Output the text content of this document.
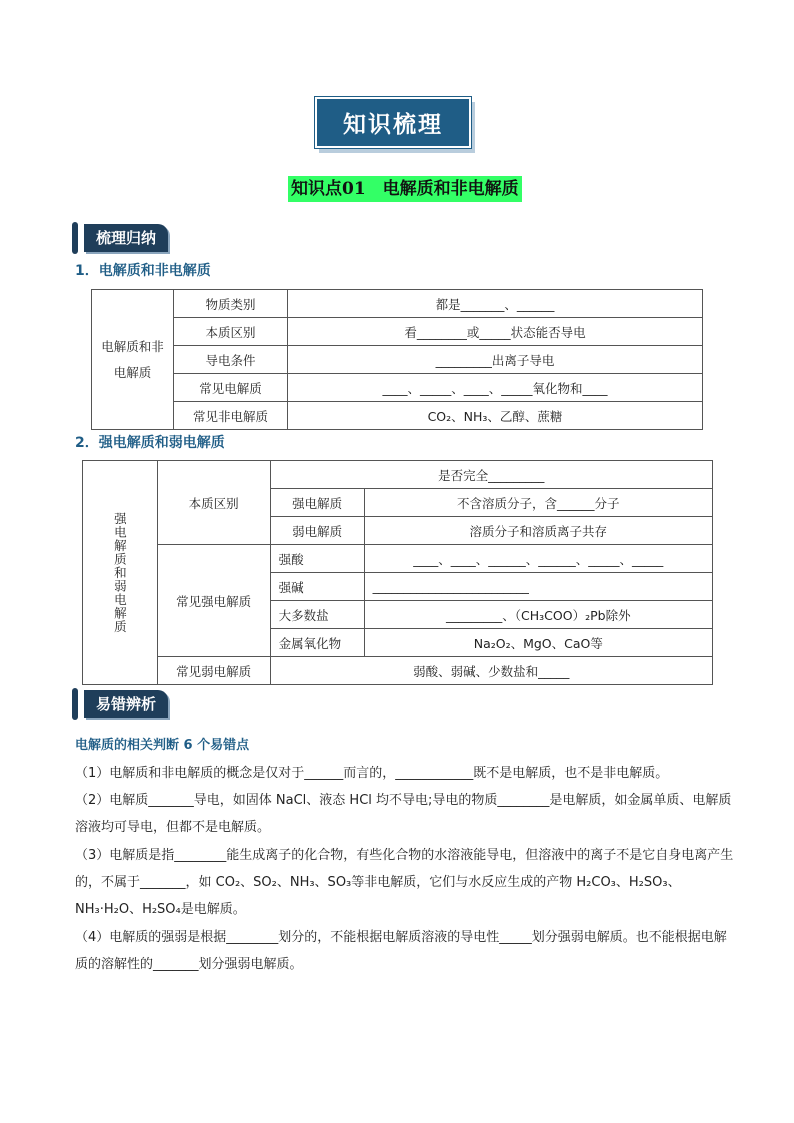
知识梳理
知识点01　电解质和非电解质
梳理归纳
1．电解质和非电解质
电解质和非电解质	物质类别	都是_______、______
	本质区别	看________或_____状态能否导电
	导电条件	_________出离子导电
	常见电解质	____、_____、____、_____氧化物和____
	常见非电解质	CO₂、NH₃、乙醇、蔗糖
2．强电解质和弱电解质
强电解质和弱电解质	本质区别	是否完全_________	
		强电解质	不含溶质分子，含______分子
		弱电解质	溶质分子和溶质离子共存
	常见强电解质	强酸	____、____、______、______、_____、_____
		强碱	_________________________
		大多数盐	_________、（CH₃COO）₂Pb除外
		金属氧化物	Na₂O₂、MgO、CaO等
	常见弱电解质	弱酸、弱碱、少数盐和_____	
易错辨析
电解质的相关判断 6 个易错点
（1）电解质和非电解质的概念是仅对于______而言的，____________既不是电解质，也不是非电解质。
（2）电解质_______导电，如固体 NaCl、液态 HCl 均不导电;导电的物质________是电解质，如金属单质、电解质溶液均可导电，但都不是电解质。
（3）电解质是指________能生成离子的化合物，有些化合物的水溶液能导电，但溶液中的离子不是它自身电离产生的，不属于_______，如 CO₂、SO₂、NH₃、SO₃等非电解质，它们与水反应生成的产物 H₂CO₃、H₂SO₃、NH₃·H₂O、H₂SO₄是电解质。
（4）电解质的强弱是根据________划分的，不能根据电解质溶液的导电性_____划分强弱电解质。也不能根据电解质的溶解性的_______划分强弱电解质。
